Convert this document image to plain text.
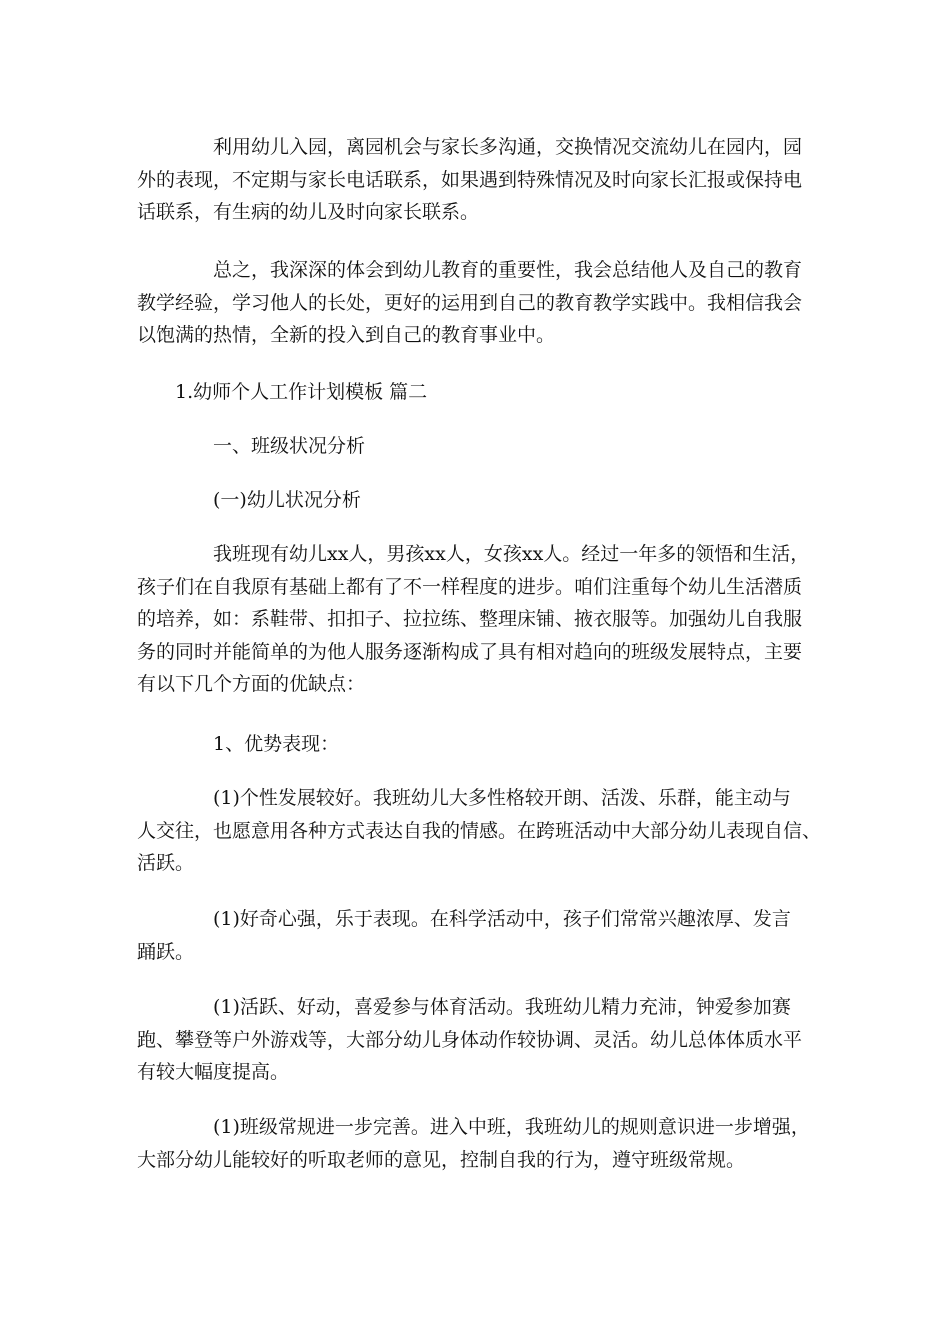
利用幼儿入园，离园机会与家长多沟通，交换情况交流幼儿在园内，园
外的表现，不定期与家长电话联系，如果遇到特殊情况及时向家长汇报或保持电
话联系，有生病的幼儿及时向家长联系。
总之，我深深的体会到幼儿教育的重要性，我会总结他人及自己的教育
教学经验，学习他人的长处，更好的运用到自己的教育教学实践中。我相信我会
以饱满的热情，全新的投入到自己的教育事业中。
1.幼师个人工作计划模板 篇二
一、班级状况分析
(一)幼儿状况分析
我班现有幼儿xx人，男孩xx人，女孩xx人。经过一年多的领悟和生活，
孩子们在自我原有基础上都有了不一样程度的进步。咱们注重每个幼儿生活潜质
的培养，如：系鞋带、扣扣子、拉拉练、整理床铺、掖衣服等。加强幼儿自我服
务的同时并能简单的为他人服务逐渐构成了具有相对趋向的班级发展特点，主要
有以下几个方面的优缺点：
1、优势表现：
(1)个性发展较好。我班幼儿大多性格较开朗、活泼、乐群，能主动与
人交往，也愿意用各种方式表达自我的情感。在跨班活动中大部分幼儿表现自信、
活跃。
(1)好奇心强，乐于表现。在科学活动中，孩子们常常兴趣浓厚、发言
踊跃。
(1)活跃、好动，喜爱参与体育活动。我班幼儿精力充沛，钟爱参加赛
跑、攀登等户外游戏等，大部分幼儿身体动作较协调、灵活。幼儿总体体质水平
有较大幅度提高。
(1)班级常规进一步完善。进入中班，我班幼儿的规则意识进一步增强，
大部分幼儿能较好的听取老师的意见，控制自我的行为，遵守班级常规。
